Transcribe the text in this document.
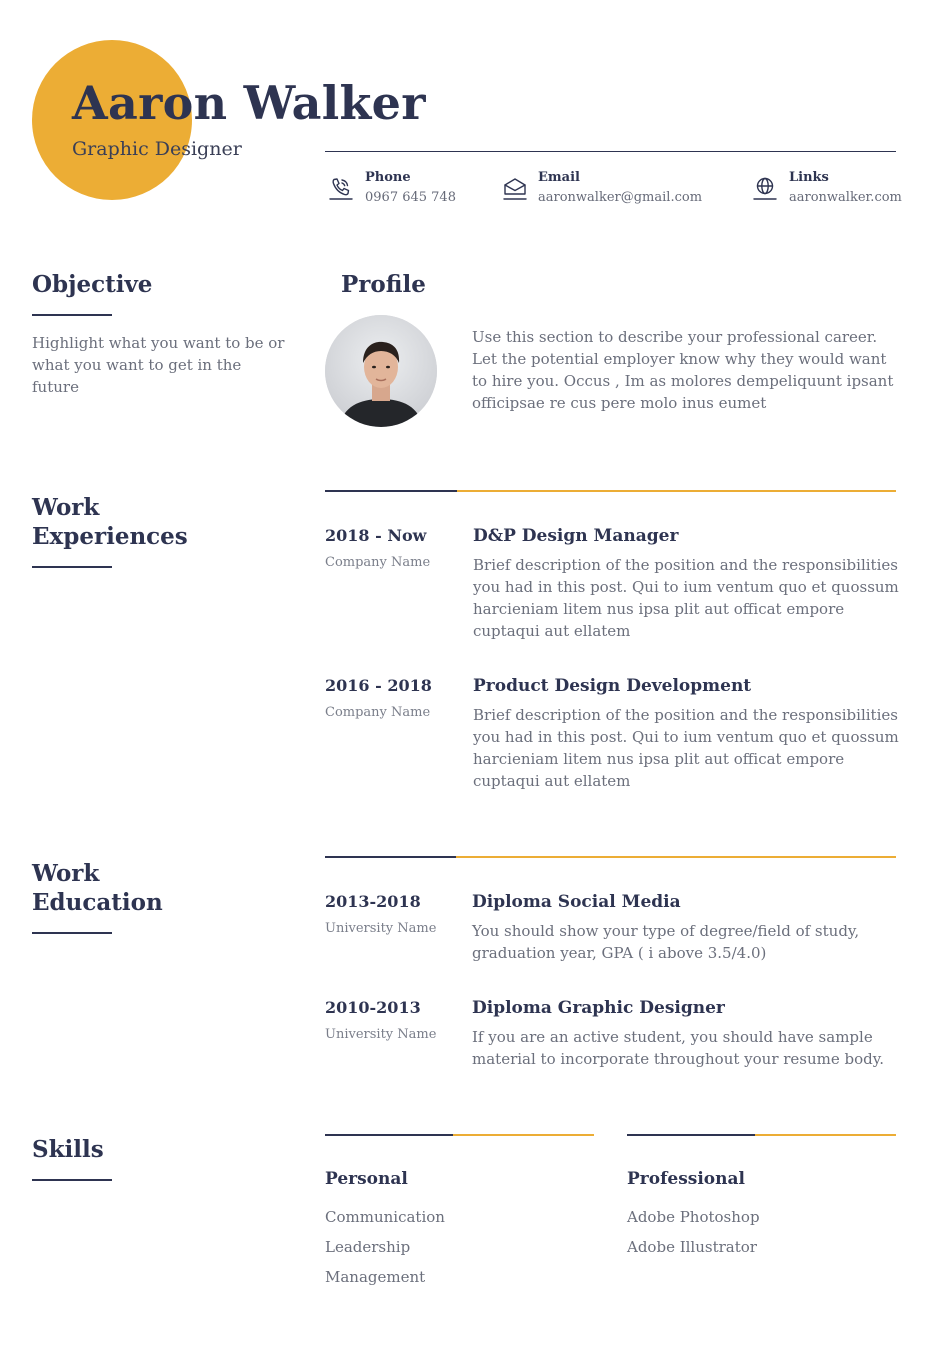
Aaron Walker
Graphic Designer
Phone
0967 645 748
Email
aaronwalker@gmail.com
Links
aaronwalker.com
Objective
Highlight what you want to be or what you want to get in the future
Profile
Use this section to describe your professional career. Let the potential employer know why they would want to hire you. Occus , Im as molores dempeliquunt ipsant officipsae re cus pere molo inus eumet
Work
Experiences	2018 - Now
Company Name
D&P Design Manager
Brief description of the position and the responsibilities you had in this post. Qui to ium ventum quo et quossum harcieniam litem nus ipsa plit aut officat empore cuptaqui aut ellatem
2016 - 2018
Company Name
Product Design Development
Brief description of the position and the responsibilities you had in this post. Qui to ium ventum quo et quossum harcieniam litem nus ipsa plit aut officat empore cuptaqui aut ellatem
Work
Education	2013-2018
University Name
Diploma Social Media
You should show your type of degree/field of study, graduation year, GPA ( i above 3.5/4.0)
2010-2013
University Name
Diploma Graphic Designer
If you are an active student, you should have sample material to incorporate throughout your resume body.
Skills
Personal
Communication
Leadership
Management
Professional
Adobe Photoshop
Adobe Illustrator
